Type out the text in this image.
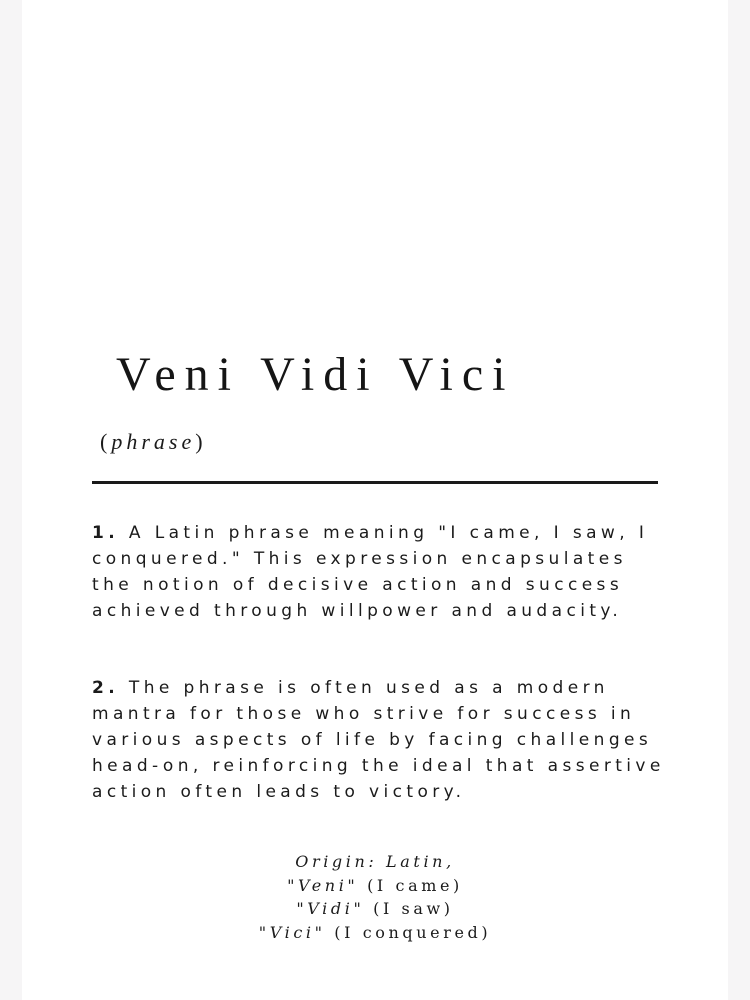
Veni Vidi Vici
(phrase)

1. A Latin phrase meaning "I came, I saw, I conquered." This expression encapsulates the notion of decisive action and success achieved through willpower and audacity.

2. The phrase is often used as a modern mantra for those who strive for success in various aspects of life by facing challenges head-on, reinforcing the ideal that assertive action often leads to victory.

Origin: Latin,
"Veni" (I came)
"Vidi" (I saw)
"Vici" (I conquered)
